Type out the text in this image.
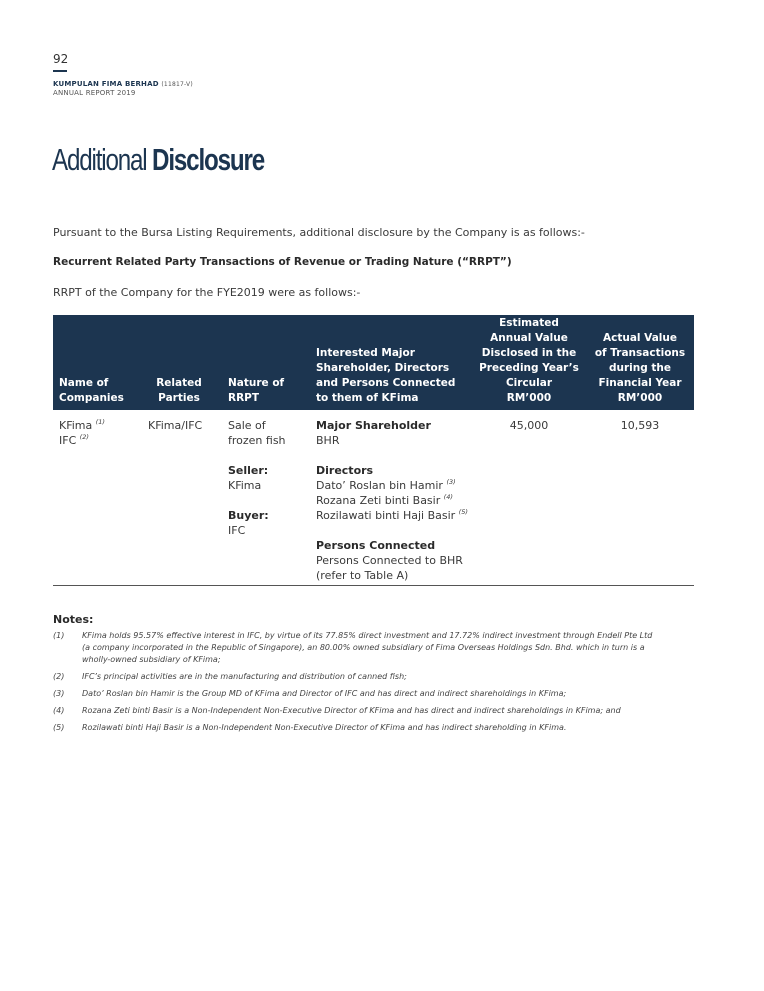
92
KUMPULAN FIMA BERHAD (11817-V)
ANNUAL REPORT 2019
Additional Disclosure
Pursuant to the Bursa Listing Requirements, additional disclosure by the Company is as follows:-
Recurrent Related Party Transactions of Revenue or Trading Nature (“RRPT”)
RRPT of the Company for the FYE2019 were as follows:-
Name of
Companies
Related
Parties
Nature of
RRPT
Interested Major
Shareholder, Directors
and Persons Connected
to them of KFima
Estimated
Annual Value
Disclosed in the
Preceding Year’s
Circular
RM’000
Actual Value
of Transactions
during the
Financial Year
RM’000
KFima $^{(1)}$
IFC $^{(2)}$
KFima/IFC Sale of
frozen fish
Seller:
KFima
Buyer:
IFC
Major Shareholder
BHR
Directors
Dato’ Roslan bin Hamir $^{(3)}$
Rozana Zeti binti Basir $^{(4)}$
Rozilawati binti Haji Basir $^{(5)}$
Persons Connected
Persons Connected to BHR
(refer to Table A)
45,000	10,593
Notes:
(1) KFima holds 95.57% effective interest in IFC, by virtue of its 77.85% direct investment and 17.72% indirect investment through Endell Pte Ltd
(a company incorporated in the Republic of Singapore), an 80.00% owned subsidiary of Fima Overseas Holdings Sdn. Bhd. which in turn is a
wholly-owned subsidiary of KFima;
(2) IFC’s principal activities are in the manufacturing and distribution of canned fish;
(3) Dato’ Roslan bin Hamir is the Group MD of KFima and Director of IFC and has direct and indirect shareholdings in KFima;
(4) Rozana Zeti binti Basir is a Non-Independent Non-Executive Director of KFima and has direct and indirect shareholdings in KFima; and
(5) Rozilawati binti Haji Basir is a Non-Independent Non-Executive Director of KFima and has indirect shareholding in KFima.
